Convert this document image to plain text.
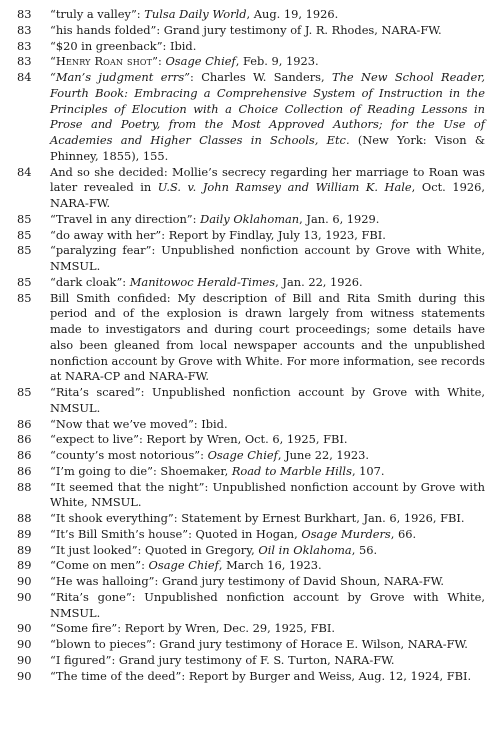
83	“truly a valley”: Tulsa Daily World, Aug. 19, 1926.
83	“his hands folded”: Grand jury testimony of J. R. Rhodes, NARA-FW.
83	“$20 in greenback”: Ibid.
83	“Henry Roan shot”: Osage Chief, Feb. 9, 1923.
84	“Man’s judgment errs”: Charles W. Sanders, The New School Reader, Fourth Book: Embracing a Comprehensive System of Instruction in the Principles of Elocution with a Choice Collection of Reading Lessons in Prose and Poetry, from the Most Approved Authors; for the Use of Academies and Higher Classes in Schools, Etc. (New York: Vison & Phinney, 1855), 155.
84	And so she decided: Mollie’s secrecy regarding her marriage to Roan was later revealed in U.S. v. John Ramsey and William K. Hale, Oct. 1926, NARA-FW.
85	“Travel in any direction”: Daily Oklahoman, Jan. 6, 1929.
85	“do away with her”: Report by Findlay, July 13, 1923, FBI.
85	“paralyzing fear”: Unpublished nonfiction account by Grove with White, NMSUL.
85	“dark cloak”: Manitowoc Herald-Times, Jan. 22, 1926.
85	Bill Smith confided: My description of Bill and Rita Smith during this period and of the explosion is drawn largely from witness statements made to investigators and during court proceedings; some details have also been gleaned from local newspaper accounts and the unpublished nonfiction account by Grove with White. For more information, see records at NARA-CP and NARA-FW.
85	“Rita’s scared”: Unpublished nonfiction account by Grove with White, NMSUL.
86	“Now that we’ve moved”: Ibid.
86	“expect to live”: Report by Wren, Oct. 6, 1925, FBI.
86	“county’s most notorious”: Osage Chief, June 22, 1923.
86	“I’m going to die”: Shoemaker, Road to Marble Hills, 107.
88	“It seemed that the night”: Unpublished nonfiction account by Grove with White, NMSUL.
88	“It shook everything”: Statement by Ernest Burkhart, Jan. 6, 1926, FBI.
89	“It’s Bill Smith’s house”: Quoted in Hogan, Osage Murders, 66.
89	“It just looked”: Quoted in Gregory, Oil in Oklahoma, 56.
89	“Come on men”: Osage Chief, March 16, 1923.
90	“He was halloing”: Grand jury testimony of David Shoun, NARA-FW.
90	“Rita’s gone”: Unpublished nonfiction account by Grove with White, NMSUL.
90	“Some fire”: Report by Wren, Dec. 29, 1925, FBI.
90	“blown to pieces”: Grand jury testimony of Horace E. Wilson, NARA-FW.
90	“I figured”: Grand jury testimony of F. S. Turton, NARA-FW.
90	“The time of the deed”: Report by Burger and Weiss, Aug. 12, 1924, FBI.
